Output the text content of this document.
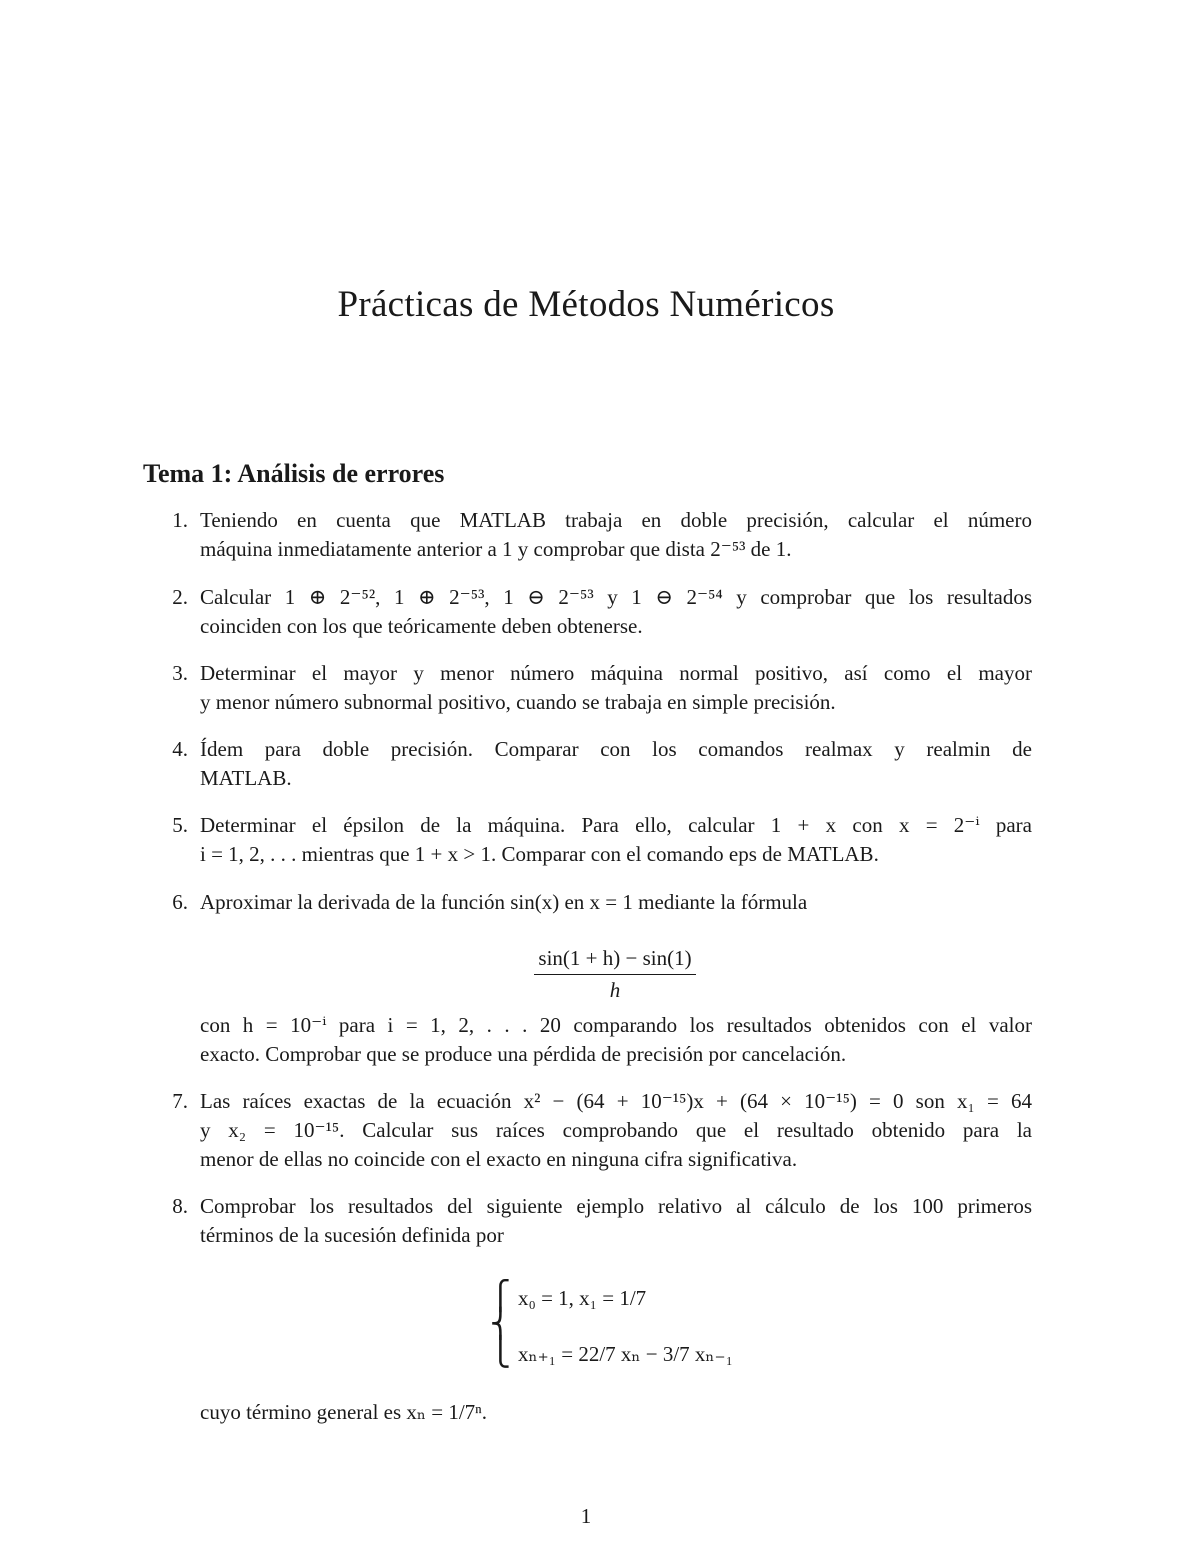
Prácticas de Métodos Numéricos
Tema 1: Análisis de errores
1. Teniendo en cuenta que MATLAB trabaja en doble precisión, calcular el número
máquina inmediatamente anterior a 1 y comprobar que dista 2⁻⁵³ de 1.
2. Calcular 1 ⊕ 2⁻⁵², 1 ⊕ 2⁻⁵³, 1 ⊖ 2⁻⁵³ y 1 ⊖ 2⁻⁵⁴ y comprobar que los resultados
coinciden con los que teóricamente deben obtenerse.
3. Determinar el mayor y menor número máquina normal positivo, así como el mayor
y menor número subnormal positivo, cuando se trabaja en simple precisión.
4. Ídem para doble precisión. Comparar con los comandos realmax y realmin de
MATLAB.
5. Determinar el épsilon de la máquina. Para ello, calcular 1 + x con x = 2⁻ⁱ para
i = 1, 2, . . . mientras que 1 + x > 1. Comparar con el comando eps de MATLAB.
6. Aproximar la derivada de la función sin(x) en x = 1 mediante la fórmula
$\frac{\sin(1 + h) - \sin(1)}{h}$
con h = 10⁻ⁱ para i = 1, 2, . . . 20 comparando los resultados obtenidos con el valor
exacto. Comprobar que se produce una pérdida de precisión por cancelación.
7. Las raíces exactas de la ecuación x² − (64 + 10⁻¹⁵)x + (64 × 10⁻¹⁵) = 0 son x₁ = 64
y x₂ = 10⁻¹⁵. Calcular sus raíces comprobando que el resultado obtenido para la
menor de ellas no coincide con el exacto en ninguna cifra significativa.
8. Comprobar los resultados del siguiente ejemplo relativo al cálculo de los 100 primeros
términos de la sucesión definida por
⎧
⎨
⎩
x₀ = 1, x₁ = 1/7
xₙ₊₁ = 22/7 xₙ − 3/7 xₙ₋₁
cuyo término general es xₙ = 1/7ⁿ.
1
